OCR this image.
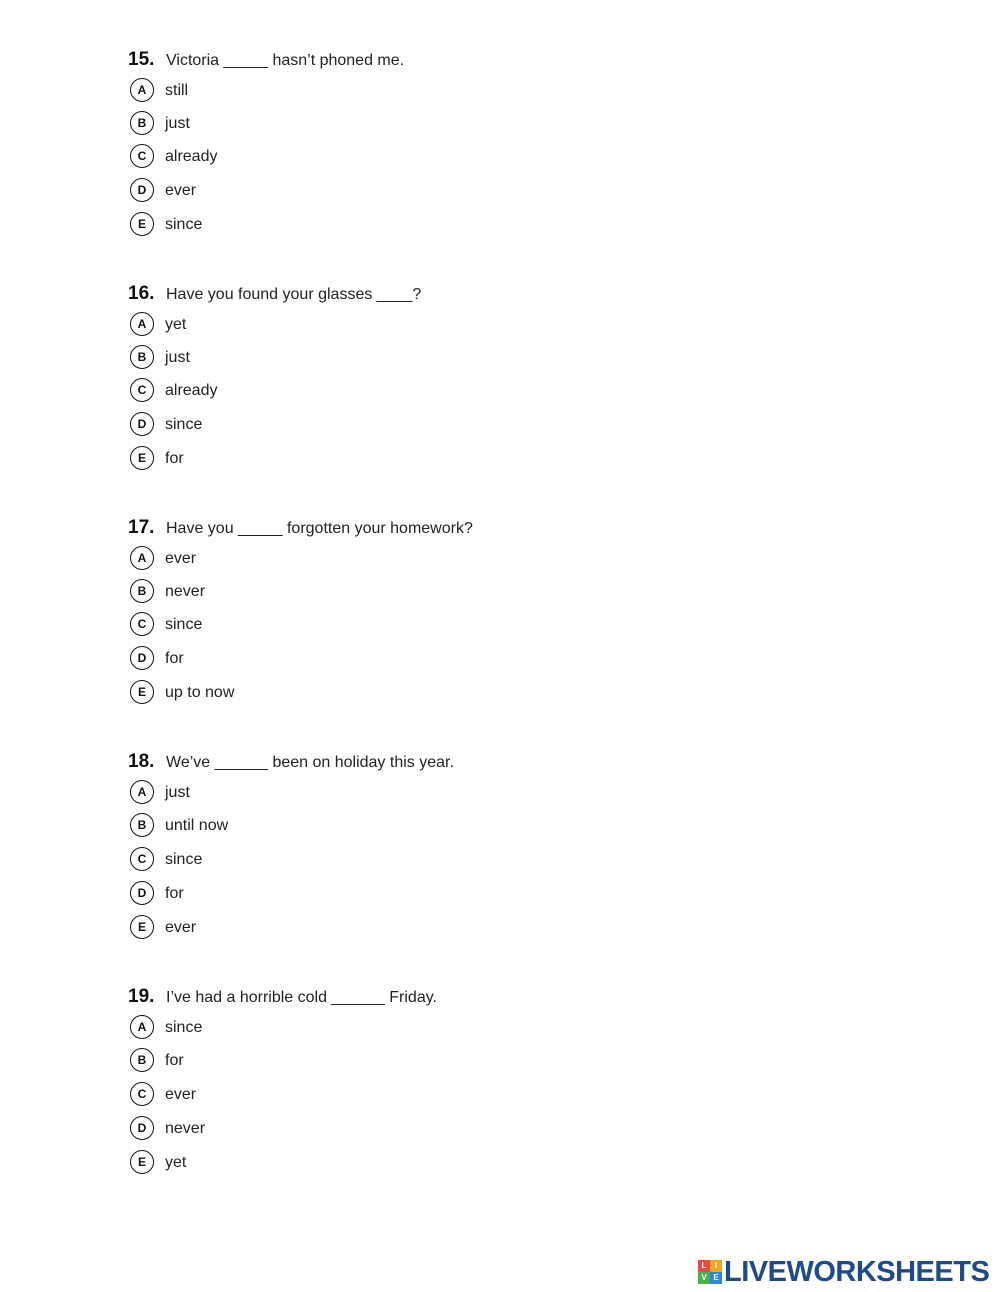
15. Victoria _____ hasn’t phoned me.
A still
B just
C already
D ever
E since
16. Have you found your glasses ____?
A yet
B just
C already
D since
E for
17. Have you _____ forgotten your homework?
A ever
B never
C since
D for
E up to now
18. We’ve ______ been on holiday this year.
A just
B until now
C since
D for
E ever
19. I’ve had a horrible cold ______ Friday.
A since
B for
C ever
D never
E yet
L	I
V E LIVEWORKSHEETS
